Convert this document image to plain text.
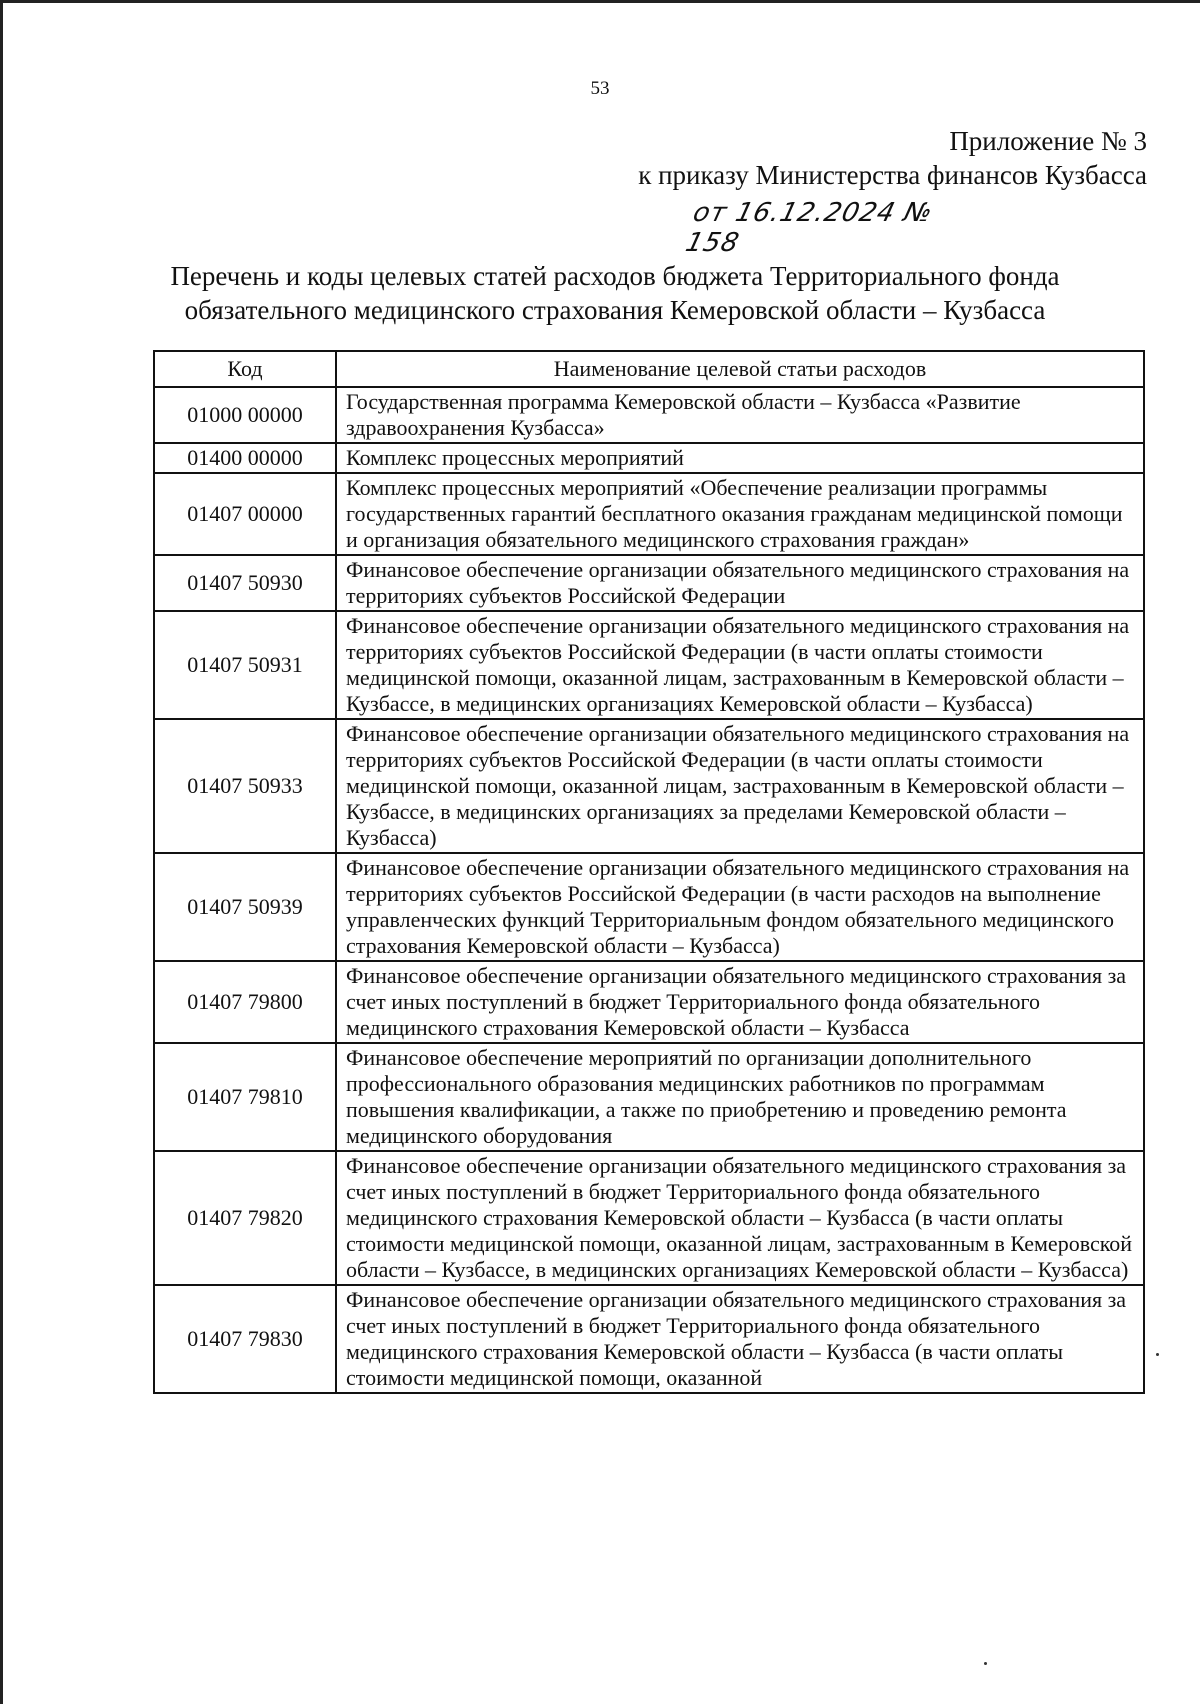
53
Приложение № 3
к приказу Министерства финансов Кузбасса
от 16.12.2024 № 158
Перечень и коды целевых статей расходов бюджета Территориального фонда
обязательного медицинского страхования Кемеровской области – Кузбасса
Код	Наименование целевой статьи расходов
01000 00000	Государственная программа Кемеровской области – Кузбасса «Развитие здравоохранения Кузбасса»
01400 00000	Комплекс процессных мероприятий
01407 00000	Комплекс процессных мероприятий «Обеспечение реализации программы государственных гарантий бесплатного оказания гражданам медицинской помощи и организация обязательного медицинского страхования граждан»
01407 50930	Финансовое обеспечение организации обязательного медицинского страхования на территориях субъектов Российской Федерации
01407 50931	Финансовое обеспечение организации обязательного медицинского страхования на территориях субъектов Российской Федерации (в части оплаты стоимости медицинской помощи, оказанной лицам, застрахованным в Кемеровской области – Кузбассе, в медицинских организациях Кемеровской области – Кузбасса)
01407 50933	Финансовое обеспечение организации обязательного медицинского страхования на территориях субъектов Российской Федерации (в части оплаты стоимости медицинской помощи, оказанной лицам, застрахованным в Кемеровской области – Кузбассе, в медицинских организациях за пределами Кемеровской области – Кузбасса)
01407 50939	Финансовое обеспечение организации обязательного медицинского страхования на территориях субъектов Российской Федерации (в части расходов на выполнение управленческих функций Территориальным фондом обязательного медицинского страхования Кемеровской области – Кузбасса)
01407 79800	Финансовое обеспечение организации обязательного медицинского страхования за счет иных поступлений в бюджет Территориального фонда обязательного медицинского страхования Кемеровской области – Кузбасса
01407 79810	Финансовое обеспечение мероприятий по организации дополнительного профессионального образования медицинских работников по программам повышения квалификации, а также по приобретению и проведению ремонта медицинского оборудования
01407 79820	Финансовое обеспечение организации обязательного медицинского страхования за счет иных поступлений в бюджет Территориального фонда обязательного медицинского страхования Кемеровской области – Кузбасса (в части оплаты стоимости медицинской помощи, оказанной лицам, застрахованным в Кемеровской области – Кузбассе, в медицинских организациях Кемеровской области – Кузбасса)
01407 79830	Финансовое обеспечение организации обязательного медицинского страхования за счет иных поступлений в бюджет Территориального фонда обязательного медицинского страхования Кемеровской области – Кузбасса (в части оплаты стоимости медицинской помощи, оказанной
